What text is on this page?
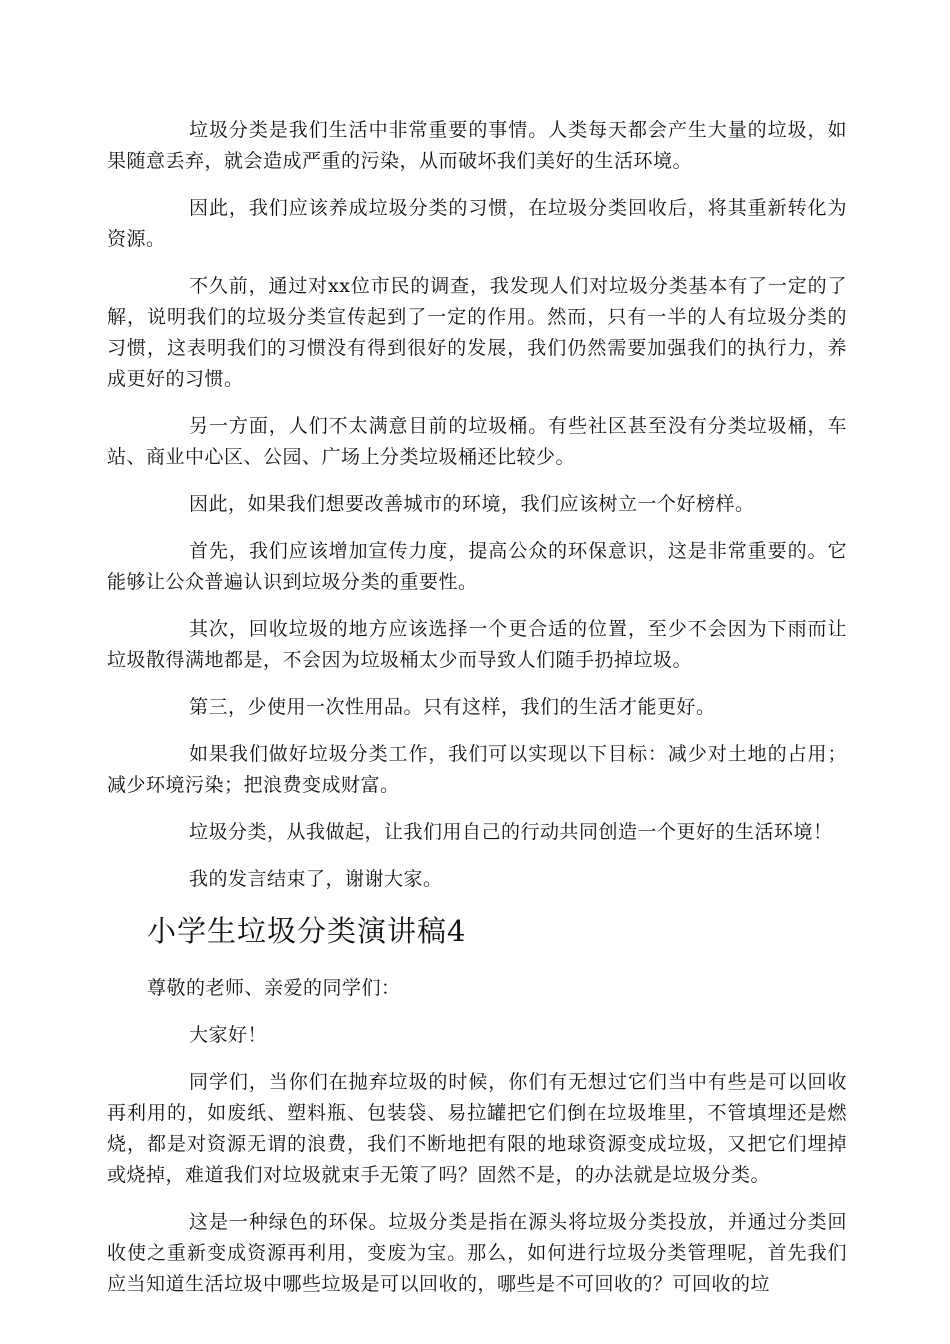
垃圾分类是我们生活中非常重要的事情。人类每天都会产生大量的垃圾，如果随意丢弃，就会造成严重的污染，从而破坏我们美好的生活环境。

因此，我们应该养成垃圾分类的习惯，在垃圾分类回收后，将其重新转化为资源。

不久前，通过对xx位市民的调查，我发现人们对垃圾分类基本有了一定的了解，说明我们的垃圾分类宣传起到了一定的作用。然而，只有一半的人有垃圾分类的习惯，这表明我们的习惯没有得到很好的发展，我们仍然需要加强我们的执行力，养成更好的习惯。

另一方面，人们不太满意目前的垃圾桶。有些社区甚至没有分类垃圾桶，车站、商业中心区、公园、广场上分类垃圾桶还比较少。

因此，如果我们想要改善城市的环境，我们应该树立一个好榜样。

首先，我们应该增加宣传力度，提高公众的环保意识，这是非常重要的。它能够让公众普遍认识到垃圾分类的重要性。

其次，回收垃圾的地方应该选择一个更合适的位置，至少不会因为下雨而让垃圾散得满地都是，不会因为垃圾桶太少而导致人们随手扔掉垃圾。

第三，少使用一次性用品。只有这样，我们的生活才能更好。

如果我们做好垃圾分类工作，我们可以实现以下目标：减少对土地的占用；减少环境污染；把浪费变成财富。

垃圾分类，从我做起，让我们用自己的行动共同创造一个更好的生活环境！

我的发言结束了，谢谢大家。

小学生垃圾分类演讲稿4

尊敬的老师、亲爱的同学们：

大家好！

同学们，当你们在抛弃垃圾的时候，你们有无想过它们当中有些是可以回收再利用的，如废纸、塑料瓶、包装袋、易拉罐把它们倒在垃圾堆里，不管填埋还是燃烧，都是对资源无谓的浪费，我们不断地把有限的地球资源变成垃圾，又把它们埋掉或烧掉，难道我们对垃圾就束手无策了吗？固然不是，的办法就是垃圾分类。

这是一种绿色的环保。垃圾分类是指在源头将垃圾分类投放，并通过分类回收使之重新变成资源再利用，变废为宝。那么，如何进行垃圾分类管理呢，首先我们应当知道生活垃圾中哪些垃圾是可以回收的，哪些是不可回收的？可回收的垃
